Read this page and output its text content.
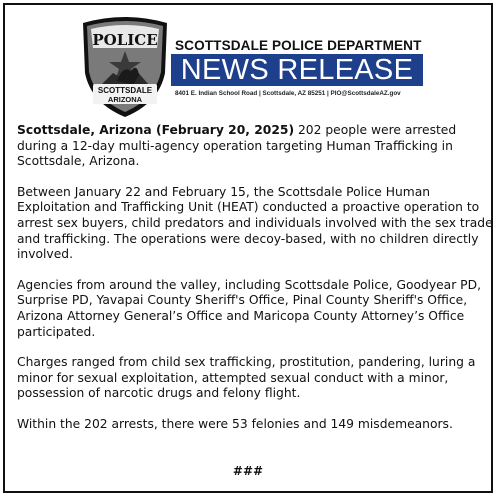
POLICE
SCOTTSDALE
ARIZONA
SCOTTSDALE POLICE DEPARTMENT
NEWS RELEASE
8401 E. Indian School Road | Scottsdale, AZ 85251 | PIO@ScottsdaleAZ.gov

Scottsdale, Arizona (February 20, 2025) 202 people were arrested during a 12-day multi-agency operation targeting Human Trafficking in Scottsdale, Arizona.

Between January 22 and February 15, the Scottsdale Police Human Exploitation and Trafficking Unit (HEAT) conducted a proactive operation to arrest sex buyers, child predators and individuals involved with the sex trade and trafficking. The operations were decoy-based, with no children directly involved.

Agencies from around the valley, including Scottsdale Police, Goodyear PD, Surprise PD, Yavapai County Sheriff's Office, Pinal County Sheriff's Office, Arizona Attorney General’s Office and Maricopa County Attorney’s Office participated.

Charges ranged from child sex trafficking, prostitution, pandering, luring a minor for sexual exploitation, attempted sexual conduct with a minor, possession of narcotic drugs and felony flight.

Within the 202 arrests, there were 53 felonies and 149 misdemeanors.

###
